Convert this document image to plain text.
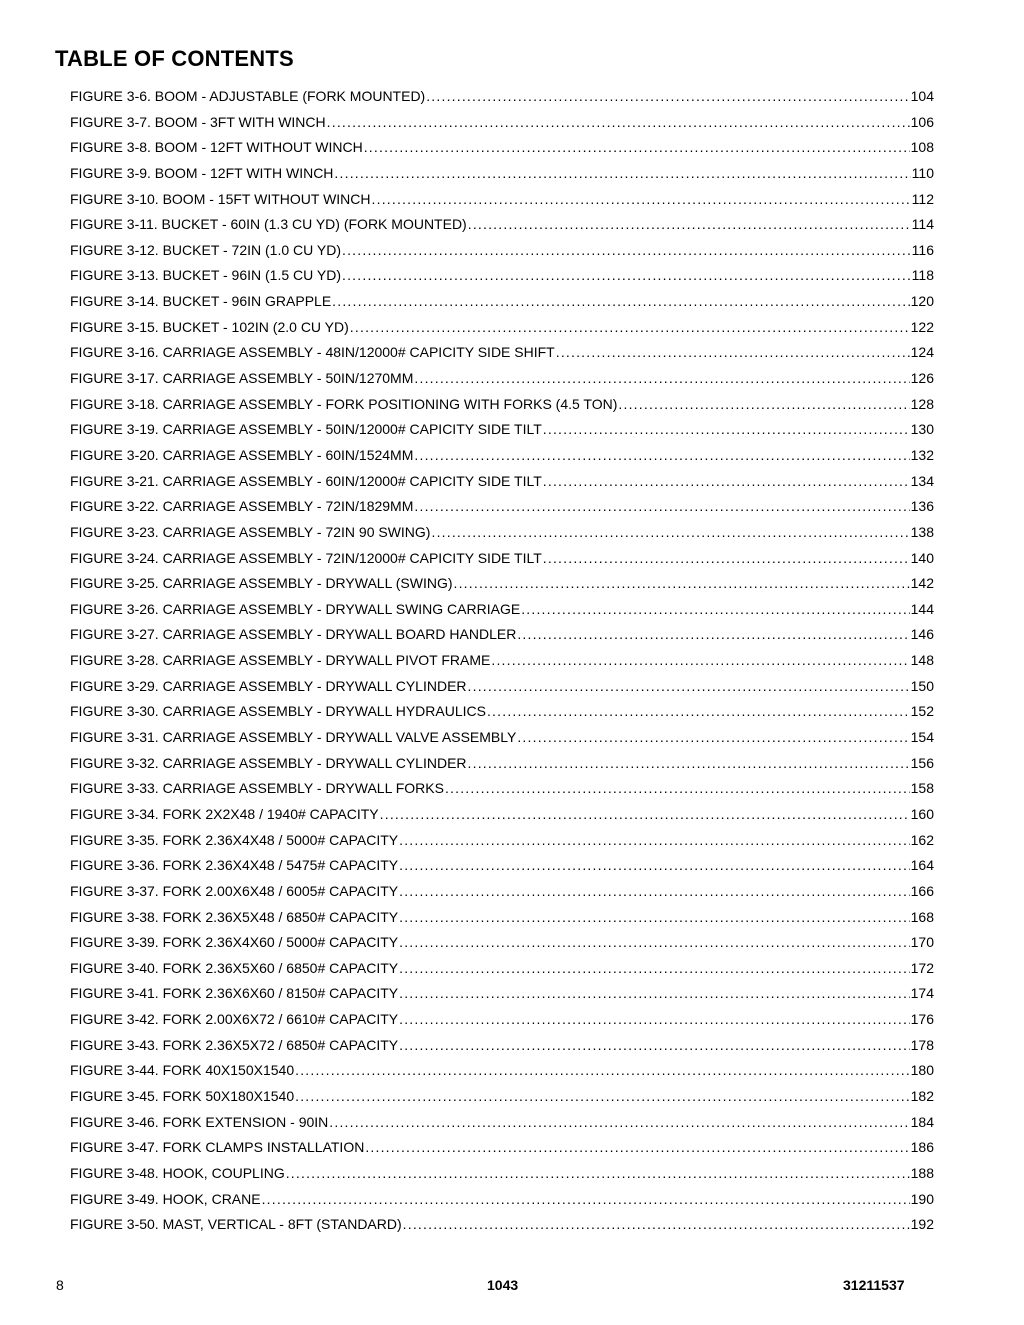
TABLE OF CONTENTS
FIGURE 3-6. BOOM - ADJUSTABLE (FORK MOUNTED) .....	104
FIGURE 3-7. BOOM - 3FT WITH WINCH .....	106
FIGURE 3-8. BOOM - 12FT WITHOUT WINCH .....	108
FIGURE 3-9. BOOM - 12FT WITH WINCH .....	110
FIGURE 3-10. BOOM - 15FT WITHOUT WINCH .....	112
FIGURE 3-11. BUCKET - 60IN (1.3 CU YD) (FORK MOUNTED) .....	114
FIGURE 3-12. BUCKET - 72IN (1.0 CU YD) .....	116
FIGURE 3-13. BUCKET - 96IN (1.5 CU YD) .....	118
FIGURE 3-14. BUCKET - 96IN GRAPPLE .....	120
FIGURE 3-15. BUCKET - 102IN (2.0 CU YD) .....	122
FIGURE 3-16. CARRIAGE ASSEMBLY - 48IN/12000# CAPICITY SIDE SHIFT .....	124
FIGURE 3-17. CARRIAGE ASSEMBLY - 50IN/1270MM .....	126
FIGURE 3-18. CARRIAGE ASSEMBLY - FORK POSITIONING WITH FORKS (4.5 TON) .....	128
FIGURE 3-19. CARRIAGE ASSEMBLY - 50IN/12000# CAPICITY SIDE TILT .....	130
FIGURE 3-20. CARRIAGE ASSEMBLY - 60IN/1524MM .....	132
FIGURE 3-21. CARRIAGE ASSEMBLY - 60IN/12000# CAPICITY SIDE TILT .....	134
FIGURE 3-22. CARRIAGE ASSEMBLY - 72IN/1829MM .....	136
FIGURE 3-23. CARRIAGE ASSEMBLY - 72IN 90 SWING) .....	138
FIGURE 3-24. CARRIAGE ASSEMBLY - 72IN/12000# CAPICITY SIDE TILT .....	140
FIGURE 3-25. CARRIAGE ASSEMBLY - DRYWALL (SWING) .....	142
FIGURE 3-26. CARRIAGE ASSEMBLY - DRYWALL SWING CARRIAGE .....	144
FIGURE 3-27. CARRIAGE ASSEMBLY - DRYWALL BOARD HANDLER .....	146
FIGURE 3-28. CARRIAGE ASSEMBLY - DRYWALL PIVOT FRAME .....	148
FIGURE 3-29. CARRIAGE ASSEMBLY - DRYWALL CYLINDER .....	150
FIGURE 3-30. CARRIAGE ASSEMBLY - DRYWALL HYDRAULICS .....	152
FIGURE 3-31. CARRIAGE ASSEMBLY - DRYWALL VALVE ASSEMBLY .....	154
FIGURE 3-32. CARRIAGE ASSEMBLY - DRYWALL CYLINDER .....	156
FIGURE 3-33. CARRIAGE ASSEMBLY - DRYWALL FORKS .....	158
FIGURE 3-34. FORK 2X2X48 / 1940# CAPACITY .....	160
FIGURE 3-35. FORK 2.36X4X48 / 5000# CAPACITY .....	162
FIGURE 3-36. FORK 2.36X4X48 / 5475# CAPACITY .....	164
FIGURE 3-37. FORK 2.00X6X48 / 6005# CAPACITY .....	166
FIGURE 3-38. FORK 2.36X5X48 / 6850# CAPACITY .....	168
FIGURE 3-39. FORK 2.36X4X60 / 5000# CAPACITY .....	170
FIGURE 3-40. FORK 2.36X5X60 / 6850# CAPACITY .....	172
FIGURE 3-41. FORK 2.36X6X60 / 8150# CAPACITY .....	174
FIGURE 3-42. FORK 2.00X6X72 / 6610# CAPACITY .....	176
FIGURE 3-43. FORK 2.36X5X72 / 6850# CAPACITY .....	178
FIGURE 3-44. FORK 40X150X1540 .....	180
FIGURE 3-45. FORK 50X180X1540 .....	182
FIGURE 3-46. FORK EXTENSION - 90IN .....	184
FIGURE 3-47. FORK CLAMPS INSTALLATION .....	186
FIGURE 3-48. HOOK, COUPLING .....	188
FIGURE 3-49. HOOK, CRANE .....	190
FIGURE 3-50. MAST, VERTICAL - 8FT (STANDARD) .....	192
8	1043	31211537
